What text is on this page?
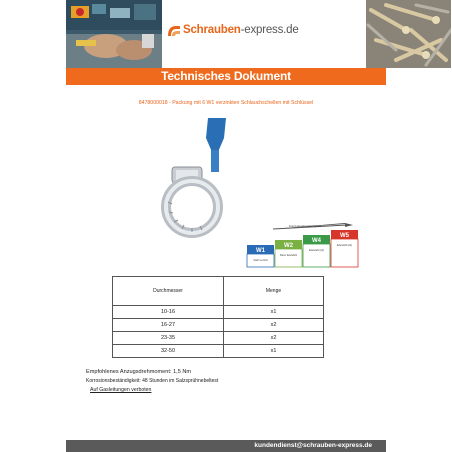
Schrauben-express.de
Technisches Dokument
8478000018 - Packung mit 6 W1 verzinkten Schlauchschellen mit Schlüssel
Korrosionsbeständigkeit
W1
Stahl verzinkt
W2
Band: Edelstahl
W4
Edelstahl (A2)
W5
Edelstahl (A4)
Durchmesser	Menge
10-16	x1
16-27	x2
23-35	x2
32-50	x1
Empfohlenes Anzugsdrehmoment: 1,5 Nm
Korrosionsbeständigkeit: 48 Stunden im Salzsprühnebeltest
Auf Gasleitungen verboten
kundendienst@schrauben-express.de
